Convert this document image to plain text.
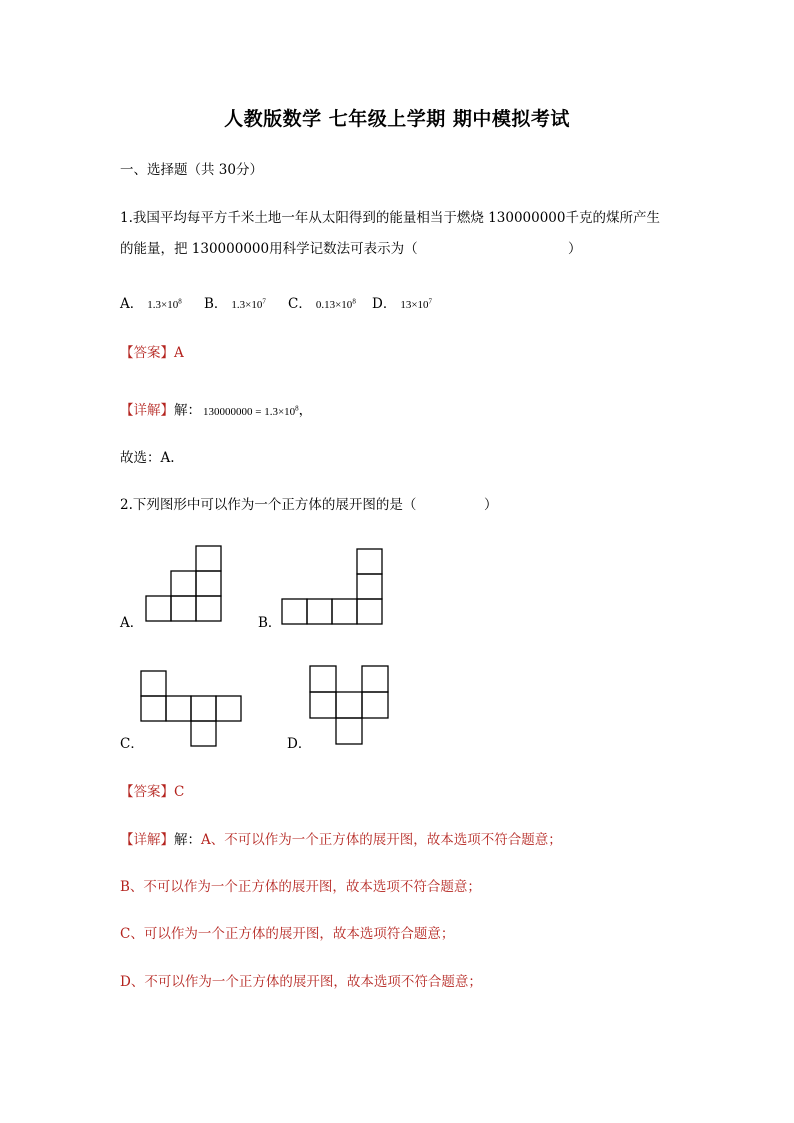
人教版数学 七年级上学期 期中模拟考试
一、选择题（共 30分）
1.我国平均每平方千米土地一年从太阳得到的能量相当于燃烧 130000000千克的煤所产生
的能量，把 130000000用科学记数法可表示为（	）
A． $1.3\times 10^8$ B． $1.3\times 10^7$ C． $0.13\times 10^8$ D． $13\times 10^7$
【答案】A
【详解】解： $130000000 = 1.3\times 10^8$，
故选：A.
2.下列图形中可以作为一个正方体的展开图的是（	）
A．	B．
C．	D．
【答案】C
【详解】解：A、不可以作为一个正方体的展开图，故本选项不符合题意；
B、不可以作为一个正方体的展开图，故本选项不符合题意；
C、可以作为一个正方体的展开图，故本选项符合题意；
D、不可以作为一个正方体的展开图，故本选项不符合题意；
